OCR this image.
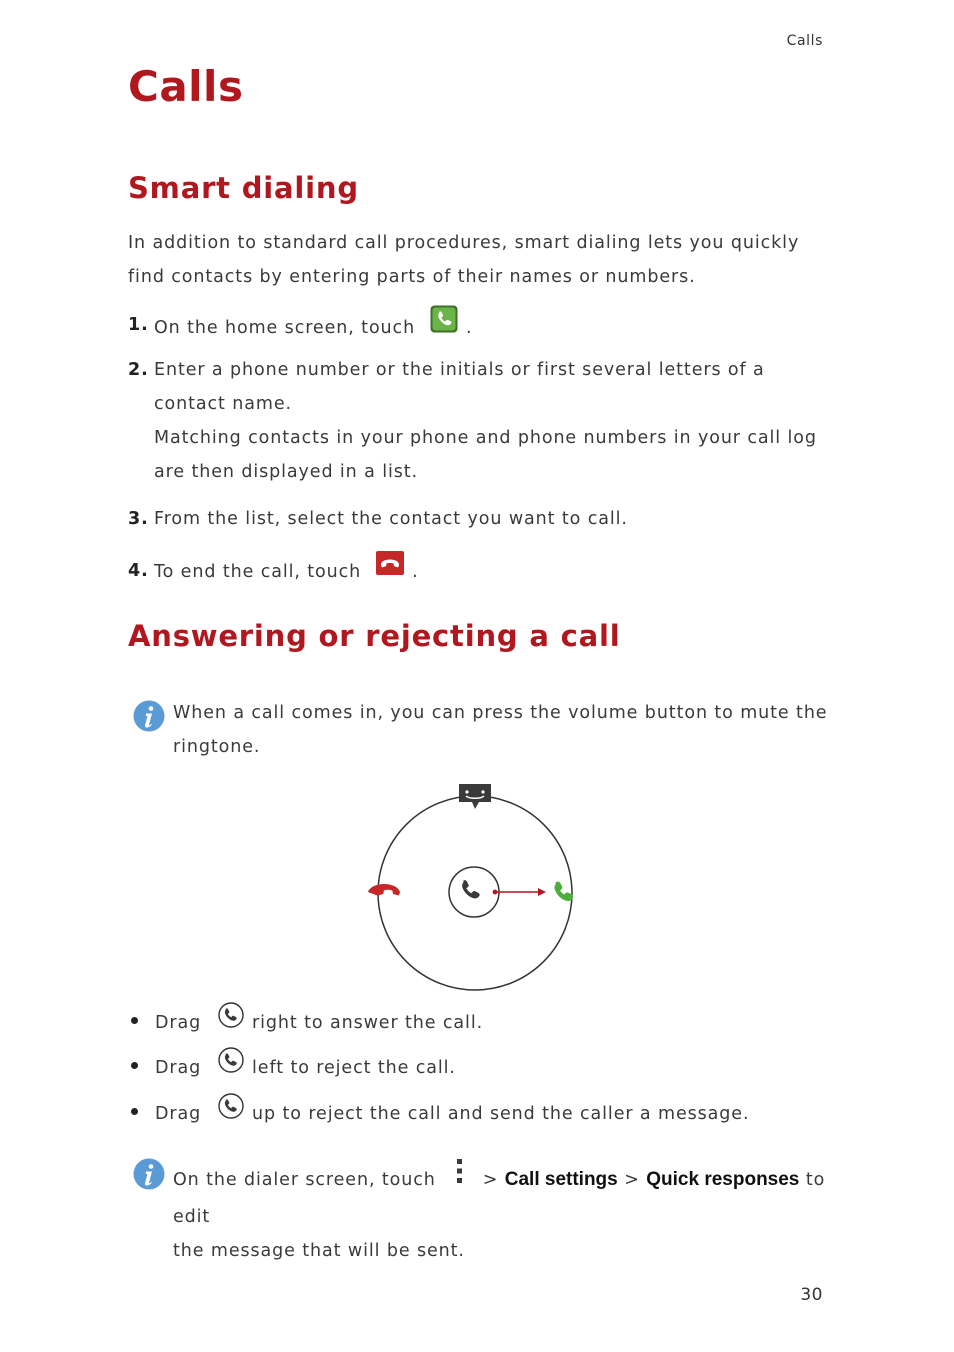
Calls
Calls
Smart dialing

In addition to standard call procedures, smart dialing lets you quickly find contacts by entering parts of their names or numbers.

1. On the home screen, touch	.
2. Enter a phone number or the initials or first several letters of a contact name.
Matching contacts in your phone and phone numbers in your call log are then displayed in a list.
3. From the list, select the contact you want to call.
4. To end the call, touch	.
Answering or rejecting a call
When a call comes in, you can press the volume button to mute the ringtone.
Drag	right to answer the call.
Drag	left to reject the call.
Drag	up to reject the call and send the caller a message.
On the dialer screen, touch	> Call settings > Quick responses to edit
the message that will be sent.
30
